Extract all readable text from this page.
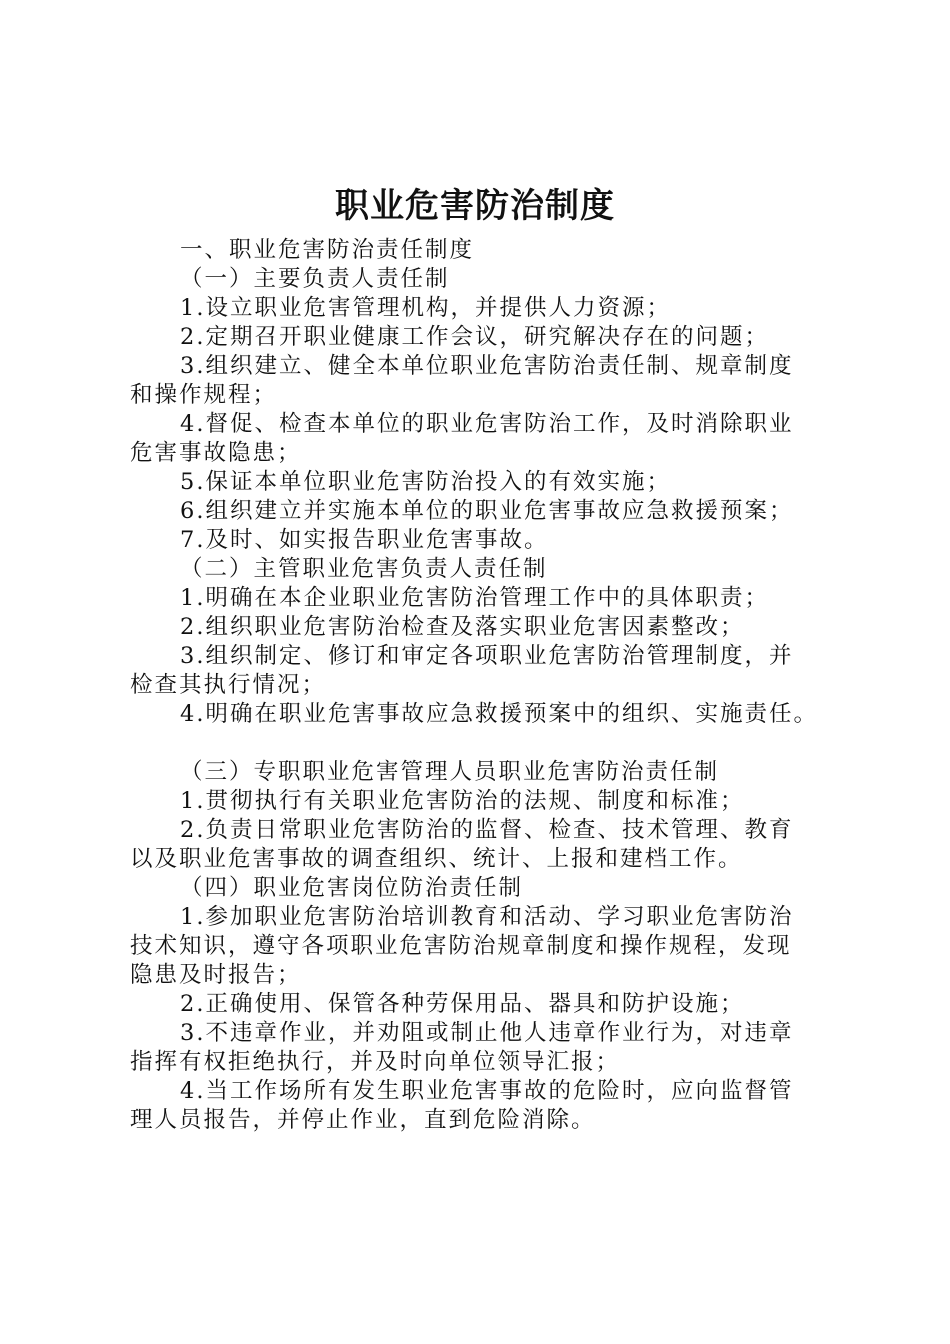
职业危害防治制度

一、职业危害防治责任制度

（一）主要负责人责任制

1.设立职业危害管理机构，并提供人力资源；

2.定期召开职业健康工作会议，研究解决存在的问题；

3.组织建立、健全本单位职业危害防治责任制、规章制度

和操作规程；

4.督促、检查本单位的职业危害防治工作，及时消除职业

危害事故隐患；

5.保证本单位职业危害防治投入的有效实施；

6.组织建立并实施本单位的职业危害事故应急救援预案；

7.及时、如实报告职业危害事故。

（二）主管职业危害负责人责任制

1.明确在本企业职业危害防治管理工作中的具体职责；

2.组织职业危害防治检查及落实职业危害因素整改；

3.组织制定、修订和审定各项职业危害防治管理制度，并

检查其执行情况；

4.明确在职业危害事故应急救援预案中的组织、实施责任。

（三）专职职业危害管理人员职业危害防治责任制

1.贯彻执行有关职业危害防治的法规、制度和标准；

2.负责日常职业危害防治的监督、检查、技术管理、教育

以及职业危害事故的调查组织、统计、上报和建档工作。

（四）职业危害岗位防治责任制

1.参加职业危害防治培训教育和活动、学习职业危害防治

技术知识，遵守各项职业危害防治规章制度和操作规程，发现

隐患及时报告；

2.正确使用、保管各种劳保用品、器具和防护设施；

3.不违章作业，并劝阻或制止他人违章作业行为，对违章

指挥有权拒绝执行，并及时向单位领导汇报；

4.当工作场所有发生职业危害事故的危险时，应向监督管

理人员报告，并停止作业，直到危险消除。
